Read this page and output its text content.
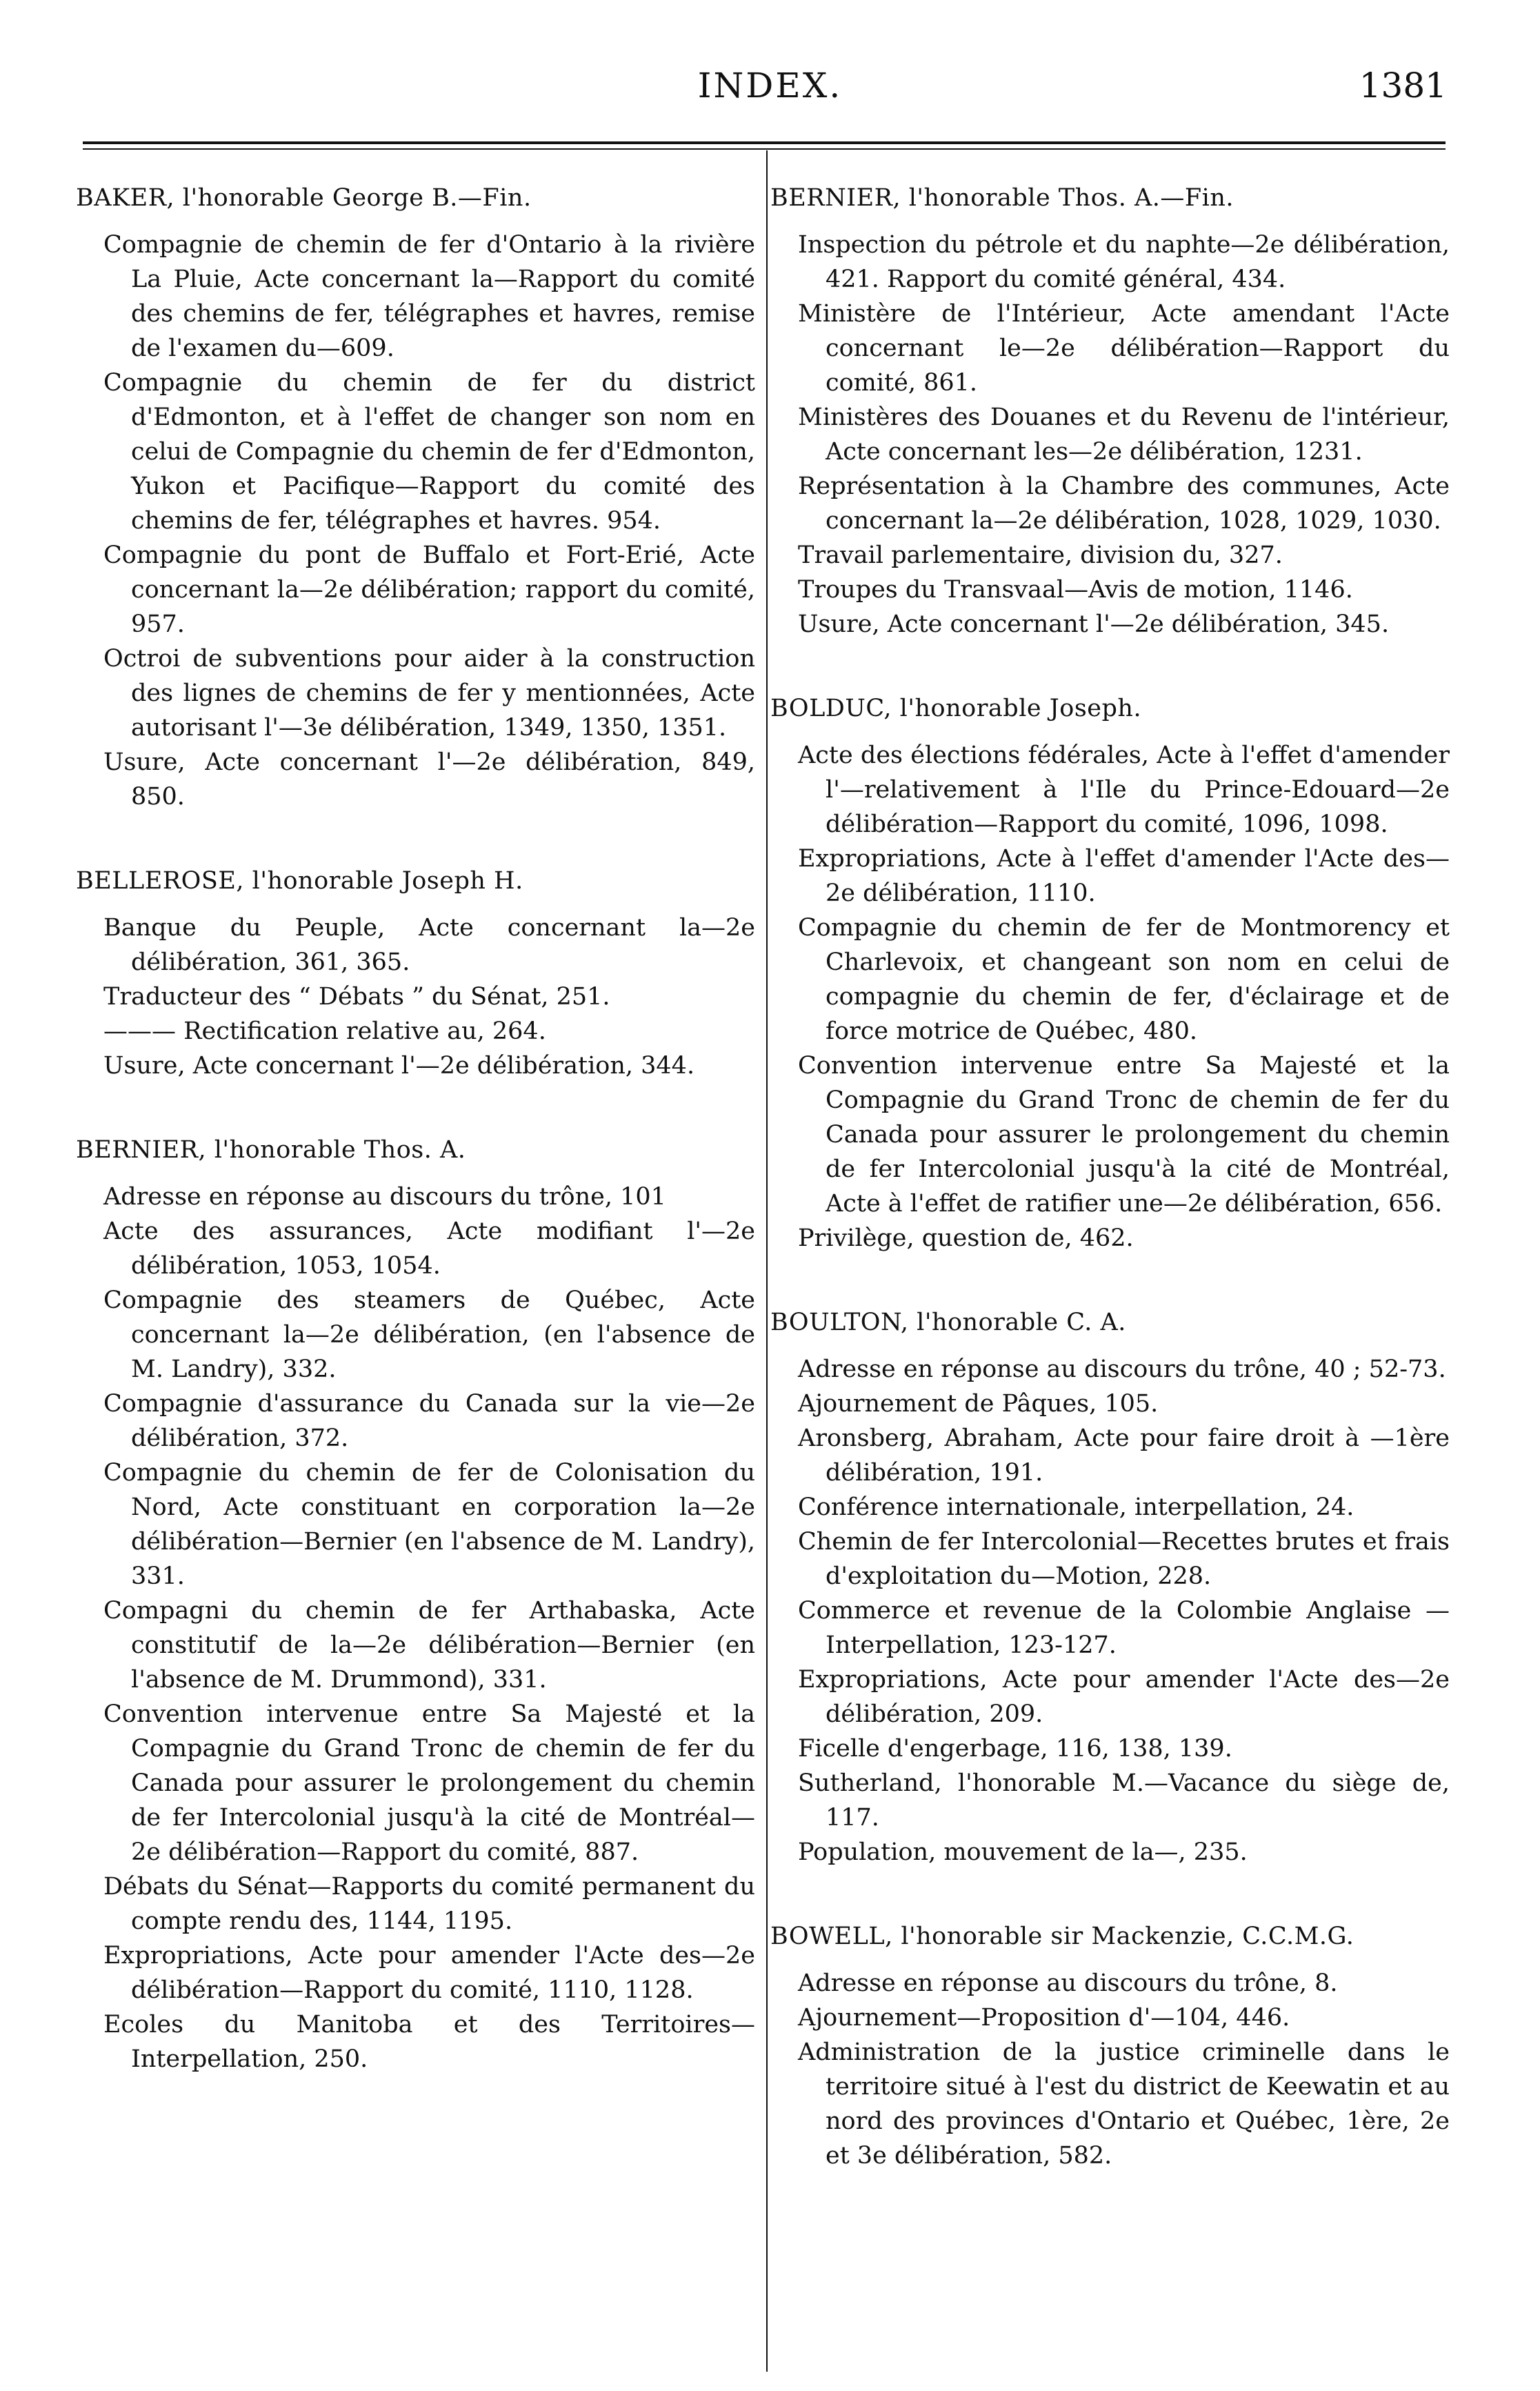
INDEX.	1381
BAKER, l'honorable George B.—Fin.
Compagnie de chemin de fer d'Ontario à la rivière La Pluie, Acte concernant la—Rapport du comité des chemins de fer, télégraphes et havres, remise de l'examen du—609.
Compagnie du chemin de fer du district d'Edmonton, et à l'effet de changer son nom en celui de Compagnie du chemin de fer d'Edmonton, Yukon et Pacifique—Rapport du comité des chemins de fer, télégraphes et havres. 954.
Compagnie du pont de Buffalo et Fort-Erié, Acte concernant la—2e délibération; rapport du comité, 957.
Octroi de subventions pour aider à la construction des lignes de chemins de fer y mentionnées, Acte autorisant l'—3e délibération, 1349, 1350, 1351.
Usure, Acte concernant l'—2e délibération, 849, 850.
BELLEROSE, l'honorable Joseph H.
Banque du Peuple, Acte concernant la—2e délibération, 361, 365.
Traducteur des “ Débats ” du Sénat, 251.
——— Rectification relative au, 264.
Usure, Acte concernant l'—2e délibération, 344.
BERNIER, l'honorable Thos. A.
Adresse en réponse au discours du trône, 101
Acte des assurances, Acte modifiant l'—2e délibération, 1053, 1054.
Compagnie des steamers de Québec, Acte concernant la—2e délibération, (en l'absence de M. Landry), 332.
Compagnie d'assurance du Canada sur la vie—2e délibération, 372.
Compagnie du chemin de fer de Colonisation du Nord, Acte constituant en corporation la—2e délibération—Bernier (en l'absence de M. Landry), 331.
Compagni du chemin de fer Arthabaska, Acte constitutif de la—2e délibération—Bernier (en l'absence de M. Drummond), 331.
Convention intervenue entre Sa Majesté et la Compagnie du Grand Tronc de chemin de fer du Canada pour assurer le prolongement du chemin de fer Intercolonial jusqu'à la cité de Montréal—2e délibération—Rapport du comité, 887.
Débats du Sénat—Rapports du comité permanent du compte rendu des, 1144, 1195.
Expropriations, Acte pour amender l'Acte des—2e délibération—Rapport du comité, 1110, 1128.
Ecoles du Manitoba et des Territoires—Interpellation, 250.
BERNIER, l'honorable Thos. A.—Fin.
Inspection du pétrole et du naphte—2e délibération, 421. Rapport du comité général, 434.
Ministère de l'Intérieur, Acte amendant l'Acte concernant le—2e délibération—Rapport du comité, 861.
Ministères des Douanes et du Revenu de l'intérieur, Acte concernant les—2e délibération, 1231.
Représentation à la Chambre des communes, Acte concernant la—2e délibération, 1028, 1029, 1030.
Travail parlementaire, division du, 327.
Troupes du Transvaal—Avis de motion, 1146.
Usure, Acte concernant l'—2e délibération, 345.
BOLDUC, l'honorable Joseph.
Acte des élections fédérales, Acte à l'effet d'amender l'—relativement à l'Ile du Prince-Edouard—2e délibération—Rapport du comité, 1096, 1098.
Expropriations, Acte à l'effet d'amender l'Acte des—2e délibération, 1110.
Compagnie du chemin de fer de Montmorency et Charlevoix, et changeant son nom en celui de compagnie du chemin de fer, d'éclairage et de force motrice de Québec, 480.
Convention intervenue entre Sa Majesté et la Compagnie du Grand Tronc de chemin de fer du Canada pour assurer le prolongement du chemin de fer Intercolonial jusqu'à la cité de Montréal, Acte à l'effet de ratifier une—2e délibération, 656.
Privilège, question de, 462.
BOULTON, l'honorable C. A.
Adresse en réponse au discours du trône, 40 ; 52-73.
Ajournement de Pâques, 105.
Aronsberg, Abraham, Acte pour faire droit à —1ère délibération, 191.
Conférence internationale, interpellation, 24.
Chemin de fer Intercolonial—Recettes brutes et frais d'exploitation du—Motion, 228.
Commerce et revenue de la Colombie Anglaise —Interpellation, 123-127.
Expropriations, Acte pour amender l'Acte des—2e délibération, 209.
Ficelle d'engerbage, 116, 138, 139.
Sutherland, l'honorable M.—Vacance du siège de, 117.
Population, mouvement de la—, 235.
BOWELL, l'honorable sir Mackenzie, C.C.M.G.
Adresse en réponse au discours du trône, 8.
Ajournement—Proposition d'—104, 446.
Administration de la justice criminelle dans le territoire situé à l'est du district de Keewatin et au nord des provinces d'Ontario et Québec, 1ère, 2e et 3e délibération, 582.
